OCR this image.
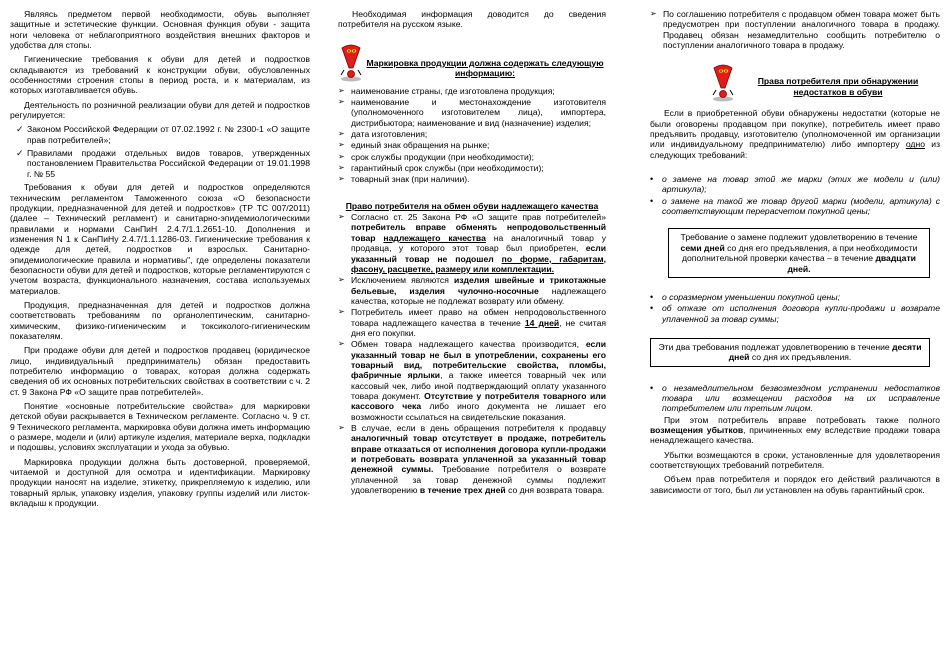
Являясь предметом первой необходимости, обувь выполняет защитные и эстетические функции. Основная функция обуви - защита ноги человека от неблагоприятного воздействия внешних факторов и удобства для стопы.

Гигиенические требования к обуви для детей и подростков складываются из требований к конструкции обуви, обусловленных особенностями строения стопы в период роста, и к материалам, из которых изготавливается обувь.

Деятельность по розничной реализации обуви для детей и подростков регулируется:

✓ Законом Российской Федерации от 07.02.1992 г. № 2300-1 «О защите прав потребителей»;
✓ Правилами продажи отдельных видов товаров, утвержденных постановлением Правительства Российской Федерации от 19.01.1998 г. № 55

Требования к обуви для детей и подростков определяются техническим регламентом Таможенного союза «О безопасности продукции, предназначенной для детей и подростков» (ТР ТС 007/2011) (далее – Технический регламент) и санитарно-эпидемиологическими правилами и нормами СанПиН 2.4.7/1.1.2651-10. Дополнения и изменения N 1 к СанПиНу 2.4.7/1.1.1286-03. Гигиенические требования к одежде для детей, подростков и взрослых. Санитарно-эпидемиологические правила и нормативы", где определены показатели безопасности обуви для детей и подростков, которые регламентируются с учетом возраста, функционального назначения, состава используемых материалов.

Продукция, предназначенная для детей и подростков должна соответствовать требованиям по органолептическим, санитарно-химическим, физико-гигиеническим и токсиколого-гигиеническим показателям.

При продаже обуви для детей и подростков продавец (юридическое лицо, индивидуальный предприниматель) обязан предоставить потребителю информацию о товарах, которая должна содержать сведения об их основных потребительских свойствах в соответствии с ч. 2 ст. 9 Закона РФ «О защите прав потребителей».

Понятие «основные потребительские свойства» для маркировки детской обуви раскрывается в Техническом регламенте. Согласно ч. 9 ст. 9 Технического регламента, маркировка обуви должна иметь информацию о размере, модели и (или) артикуле изделия, материале верха, подкладки и подошвы, условиях эксплуатации и ухода за обувью.

Маркировка продукции должна быть достоверной, проверяемой, читаемой и доступной для осмотра и идентификации. Маркировку продукции наносят на изделие, этикетку, прикрепляемую к изделию, или товарный ярлык, упаковку изделия, упаковку группы изделий или листок-вкладыш к продукции.

Необходимая информация доводится до сведения потребителя на русском языке.

Маркировка продукции должна содержать следующую информацию:

➢ наименование страны, где изготовлена продукция;
➢ наименование и местонахождение изготовителя (уполномоченного изготовителем лица), импортера, дистрибьютора; наименование и вид (назначение) изделия;
➢ дата изготовления;
➢ единый знак обращения на рынке;
➢ срок службы продукции (при необходимости);
➢ гарантийный срок службы (при необходимости);
➢ товарный знак (при наличии).

Право потребителя на обмен обуви надлежащего качества

➢ Согласно ст. 25 Закона РФ «О защите прав потребителей» потребитель вправе обменять непродовольственный товар надлежащего качества на аналогичный товар у продавца, у которого этот товар был приобретен, если указанный товар не подошел по форме, габаритам, фасону, расцветке, размеру или комплектации.
➢ Исключением являются изделия швейные и трикотажные бельевые, изделия чулочно-носочные надлежащего качества, которые не подлежат возврату или обмену.
➢ Потребитель имеет право на обмен непродовольственного товара надлежащего качества в течение 14 дней, не считая дня его покупки.
➢ Обмен товара надлежащего качества производится, если указанный товар не был в употреблении, сохранены его товарный вид, потребительские свойства, пломбы, фабричные ярлыки, а также имеется товарный чек или кассовый чек, либо иной подтверждающий оплату указанного товара документ. Отсутствие у потребителя товарного или кассового чека либо иного документа не лишает его возможности ссылаться на свидетельские показания.
➢ В случае, если в день обращения потребителя к продавцу аналогичный товар отсутствует в продаже, потребитель вправе отказаться от исполнения договора купли-продажи и потребовать возврата уплаченной за указанный товар денежной суммы. Требование потребителя о возврате уплаченной за товар денежной суммы подлежит удовлетворению в течение трех дней со дня возврата товара.
➢ По соглашению потребителя с продавцом обмен товара может быть предусмотрен при поступлении аналогичного товара в продажу. Продавец обязан незамедлительно сообщить потребителю о поступлении аналогичного товара в продажу.

Права потребителя при обнаружении недостатков в обуви

Если в приобретенной обуви обнаружены недостатки (которые не были оговорены продавцом при покупке), потребитель имеет право предъявить продавцу, изготовителю (уполномоченной им организации или индивидуальному предпринимателю) либо импортеру одно из следующих требований:

•	о замене на товар этой же марки (этих же модели и (или) артикула);
•	о замене на такой же товар другой марки (модели, артикула) с соответствующим перерасчетом покупной цены;
Требование о замене подлежит удовлетворению в течение семи дней со дня его предъявления, а при необходимости дополнительной проверки качества – в течение двадцати дней.
•	о соразмерном уменьшении покупной цены;
•	об отказе от исполнения договора купли-продажи и возврате уплаченной за товар суммы;
Эти два требования подлежат удовлетворению в течение десяти дней со дня их предъявления.
•	о незамедлительном безвозмездном устранении недостатков товара или возмещении расходов на их исправление потребителем или третьим лицом.

При этом потребитель вправе потребовать также полного возмещения убытков, причиненных ему вследствие продажи товара ненадлежащего качества.

Убытки возмещаются в сроки, установленные для удовлетворения соответствующих требований потребителя.

Объем прав потребителя и порядок его действий различаются в зависимости от того, был ли установлен на обувь гарантийный срок.
